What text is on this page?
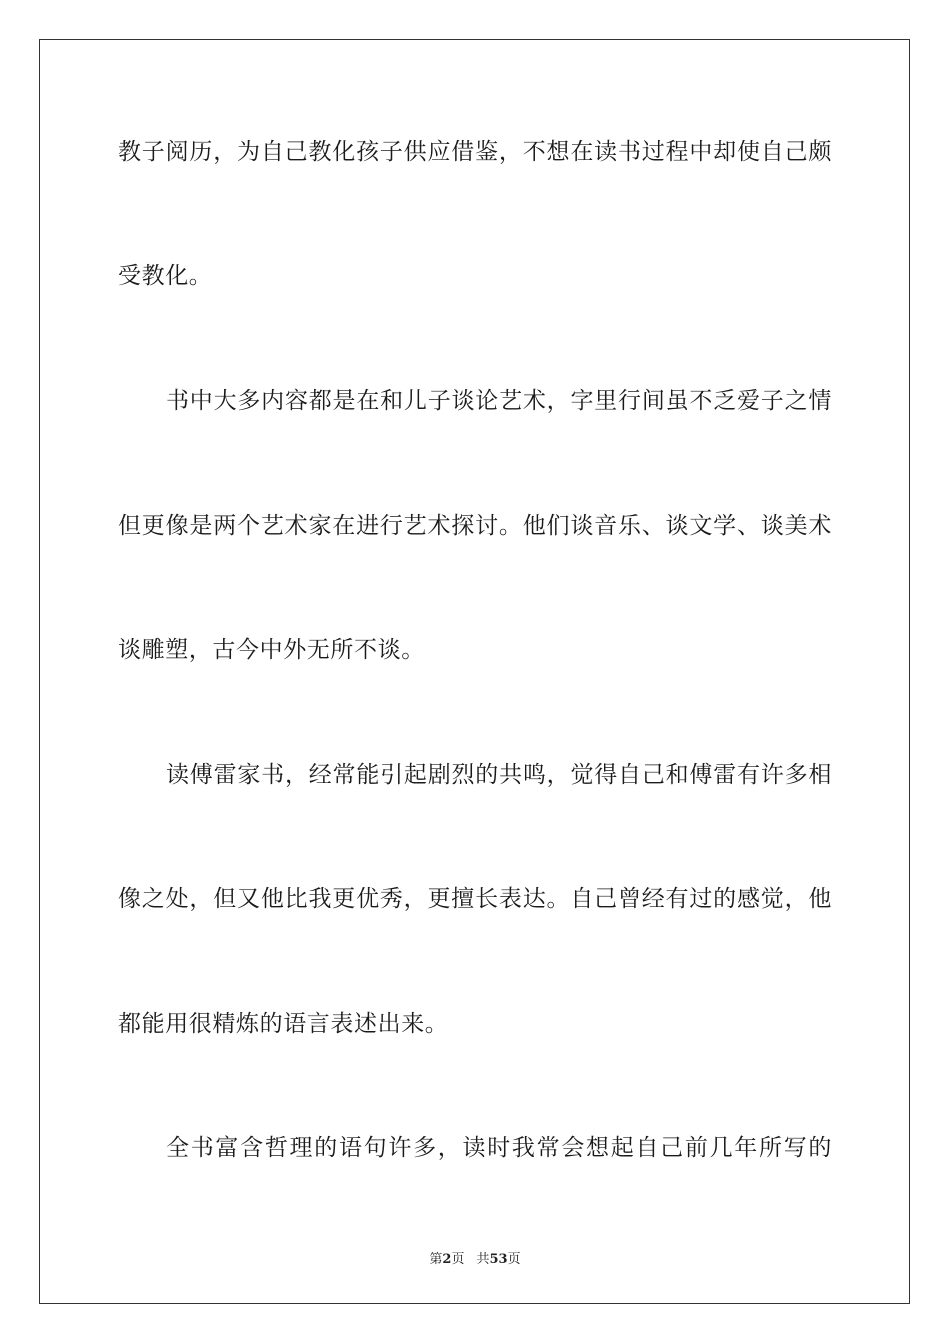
教子阅历，为自己教化孩子供应借鉴，不想在读书过程中却使自己颇
受教化。
书中大多内容都是在和儿子谈论艺术，字里行间虽不乏爱子之情
但更像是两个艺术家在进行艺术探讨。他们谈音乐、谈文学、谈美术
谈雕塑，古今中外无所不谈。
读傅雷家书，经常能引起剧烈的共鸣，觉得自己和傅雷有许多相
像之处，但又他比我更优秀，更擅长表达。自己曾经有过的感觉，他
都能用很精炼的语言表述出来。
全书富含哲理的语句许多，读时我常会想起自己前几年所写的
第2页 共53页
